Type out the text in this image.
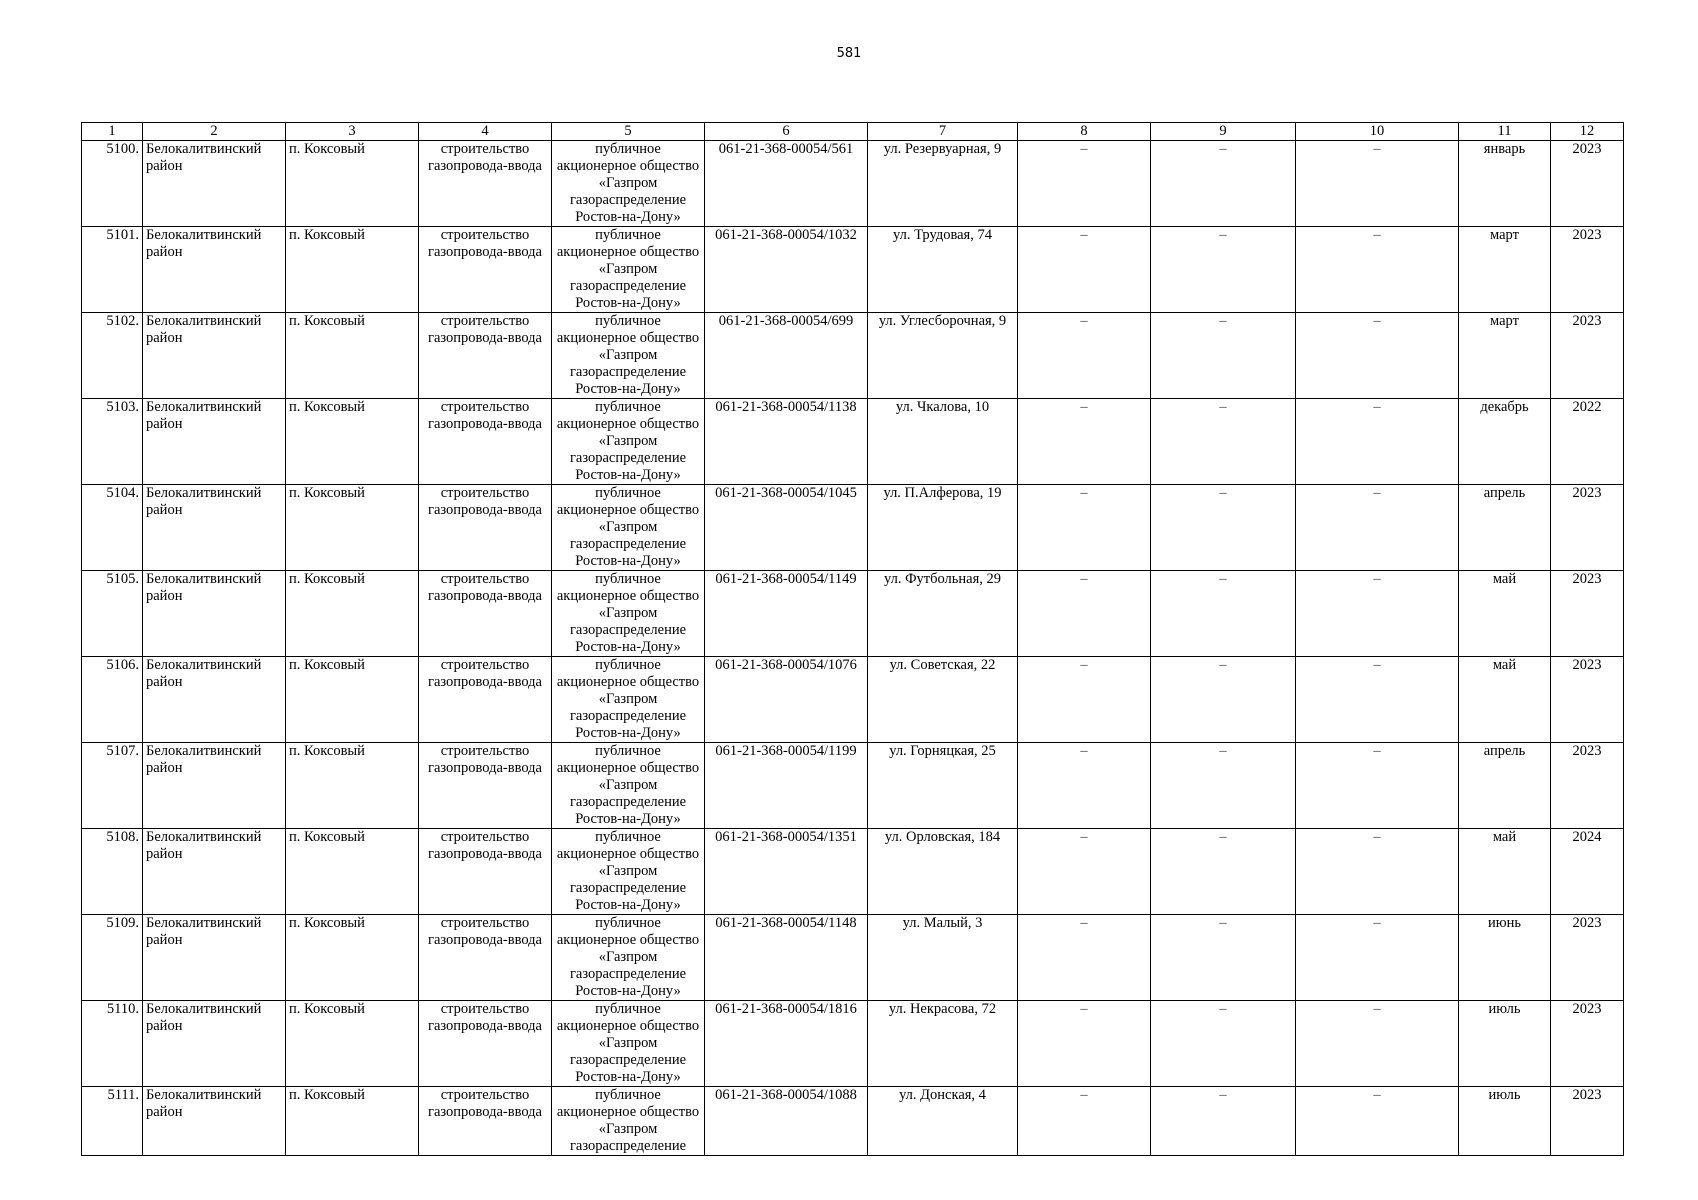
581
1	2	3	4	5	6	7	8	9	10	11	12
5100.	Белокалитвинский район	п. Коксовый	строительство газопровода-ввода	публичное акционерное общество «Газпром газораспределение Ростов-на-Дону»	061-21-368-00054/561	ул. Резервуарная, 9	–	–	–	январь	2023
5101.	Белокалитвинский район	п. Коксовый	строительство газопровода-ввода	публичное акционерное общество «Газпром газораспределение Ростов-на-Дону»	061-21-368-00054/1032	ул. Трудовая, 74	–	–	–	март	2023
5102.	Белокалитвинский район	п. Коксовый	строительство газопровода-ввода	публичное акционерное общество «Газпром газораспределение Ростов-на-Дону»	061-21-368-00054/699	ул. Углесборочная, 9	–	–	–	март	2023
5103.	Белокалитвинский район	п. Коксовый	строительство газопровода-ввода	публичное акционерное общество «Газпром газораспределение Ростов-на-Дону»	061-21-368-00054/1138	ул. Чкалова, 10	–	–	–	декабрь	2022
5104.	Белокалитвинский район	п. Коксовый	строительство газопровода-ввода	публичное акционерное общество «Газпром газораспределение Ростов-на-Дону»	061-21-368-00054/1045	ул. П.Алферова, 19	–	–	–	апрель	2023
5105.	Белокалитвинский район	п. Коксовый	строительство газопровода-ввода	публичное акционерное общество «Газпром газораспределение Ростов-на-Дону»	061-21-368-00054/1149	ул. Футбольная, 29	–	–	–	май	2023
5106.	Белокалитвинский район	п. Коксовый	строительство газопровода-ввода	публичное акционерное общество «Газпром газораспределение Ростов-на-Дону»	061-21-368-00054/1076	ул. Советская, 22	–	–	–	май	2023
5107.	Белокалитвинский район	п. Коксовый	строительство газопровода-ввода	публичное акционерное общество «Газпром газораспределение Ростов-на-Дону»	061-21-368-00054/1199	ул. Горняцкая, 25	–	–	–	апрель	2023
5108.	Белокалитвинский район	п. Коксовый	строительство газопровода-ввода	публичное акционерное общество «Газпром газораспределение Ростов-на-Дону»	061-21-368-00054/1351	ул. Орловская, 184	–	–	–	май	2024
5109.	Белокалитвинский район	п. Коксовый	строительство газопровода-ввода	публичное акционерное общество «Газпром газораспределение Ростов-на-Дону»	061-21-368-00054/1148	ул. Малый, 3	–	–	–	июнь	2023
5110.	Белокалитвинский район	п. Коксовый	строительство газопровода-ввода	публичное акционерное общество «Газпром газораспределение Ростов-на-Дону»	061-21-368-00054/1816	ул. Некрасова, 72	–	–	–	июль	2023
5111.	Белокалитвинский район	п. Коксовый	строительство газопровода-ввода	публичное акционерное общество «Газпром газораспределение	061-21-368-00054/1088	ул. Донская, 4	–	–	–	июль	2023
